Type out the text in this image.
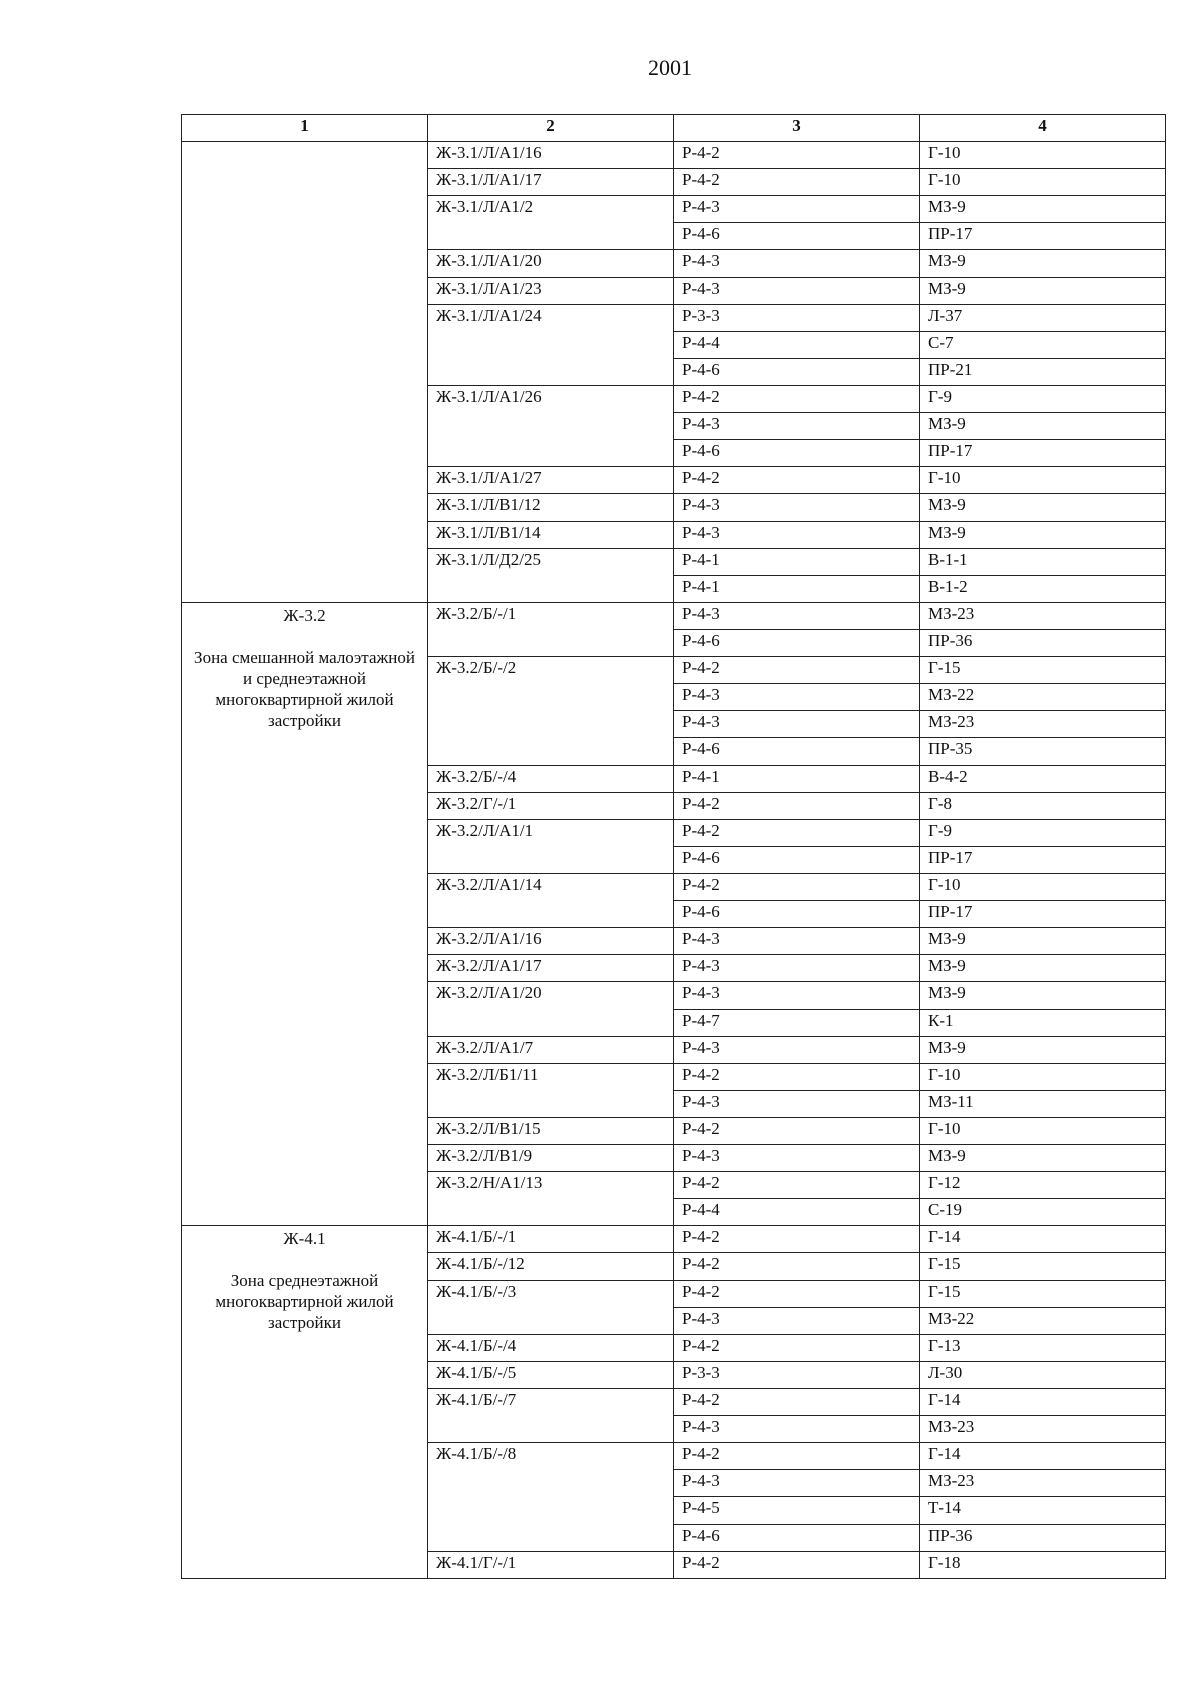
2001
1	2	3	4

	Ж-3.1/Л/А1/16	Р-4-2	Г-10
	Ж-3.1/Л/А1/17	Р-4-2	Г-10
	Ж-3.1/Л/А1/2	Р-4-3	МЗ-9
		Р-4-6	ПР-17
	Ж-3.1/Л/А1/20	Р-4-3	МЗ-9
	Ж-3.1/Л/А1/23	Р-4-3	МЗ-9
	Ж-3.1/Л/А1/24	Р-3-3	Л-37
		Р-4-4	С-7
		Р-4-6	ПР-21
	Ж-3.1/Л/А1/26	Р-4-2	Г-9
		Р-4-3	МЗ-9
		Р-4-6	ПР-17
	Ж-3.1/Л/А1/27	Р-4-2	Г-10
	Ж-3.1/Л/В1/12	Р-4-3	МЗ-9
	Ж-3.1/Л/В1/14	Р-4-3	МЗ-9
	Ж-3.1/Л/Д2/25	Р-4-1	В-1-1
		Р-4-1	В-1-2

Ж-3.2
Зона смешанной малоэтажной и среднеэтажной многоквартирной жилой застройки	Ж-3.2/Б/-/1	Р-4-3	МЗ-23
		Р-4-6	ПР-36
	Ж-3.2/Б/-/2	Р-4-2	Г-15
		Р-4-3	МЗ-22
		Р-4-3	МЗ-23
		Р-4-6	ПР-35
	Ж-3.2/Б/-/4	Р-4-1	В-4-2
	Ж-3.2/Г/-/1	Р-4-2	Г-8
	Ж-3.2/Л/А1/1	Р-4-2	Г-9
		Р-4-6	ПР-17
	Ж-3.2/Л/А1/14	Р-4-2	Г-10
		Р-4-6	ПР-17
	Ж-3.2/Л/А1/16	Р-4-3	МЗ-9
	Ж-3.2/Л/А1/17	Р-4-3	МЗ-9
	Ж-3.2/Л/А1/20	Р-4-3	МЗ-9
		Р-4-7	К-1
	Ж-3.2/Л/А1/7	Р-4-3	МЗ-9
	Ж-3.2/Л/Б1/11	Р-4-2	Г-10
		Р-4-3	МЗ-11
	Ж-3.2/Л/В1/15	Р-4-2	Г-10
	Ж-3.2/Л/В1/9	Р-4-3	МЗ-9
	Ж-3.2/Н/А1/13	Р-4-2	Г-12
		Р-4-4	С-19

Ж-4.1
Зона среднеэтажной многоквартирной жилой застройки	Ж-4.1/Б/-/1	Р-4-2	Г-14
	Ж-4.1/Б/-/12	Р-4-2	Г-15
	Ж-4.1/Б/-/3	Р-4-2	Г-15
		Р-4-3	МЗ-22
	Ж-4.1/Б/-/4	Р-4-2	Г-13
	Ж-4.1/Б/-/5	Р-3-3	Л-30
	Ж-4.1/Б/-/7	Р-4-2	Г-14
		Р-4-3	МЗ-23
	Ж-4.1/Б/-/8	Р-4-2	Г-14
		Р-4-3	МЗ-23
		Р-4-5	Т-14
		Р-4-6	ПР-36
	Ж-4.1/Г/-/1	Р-4-2	Г-18
